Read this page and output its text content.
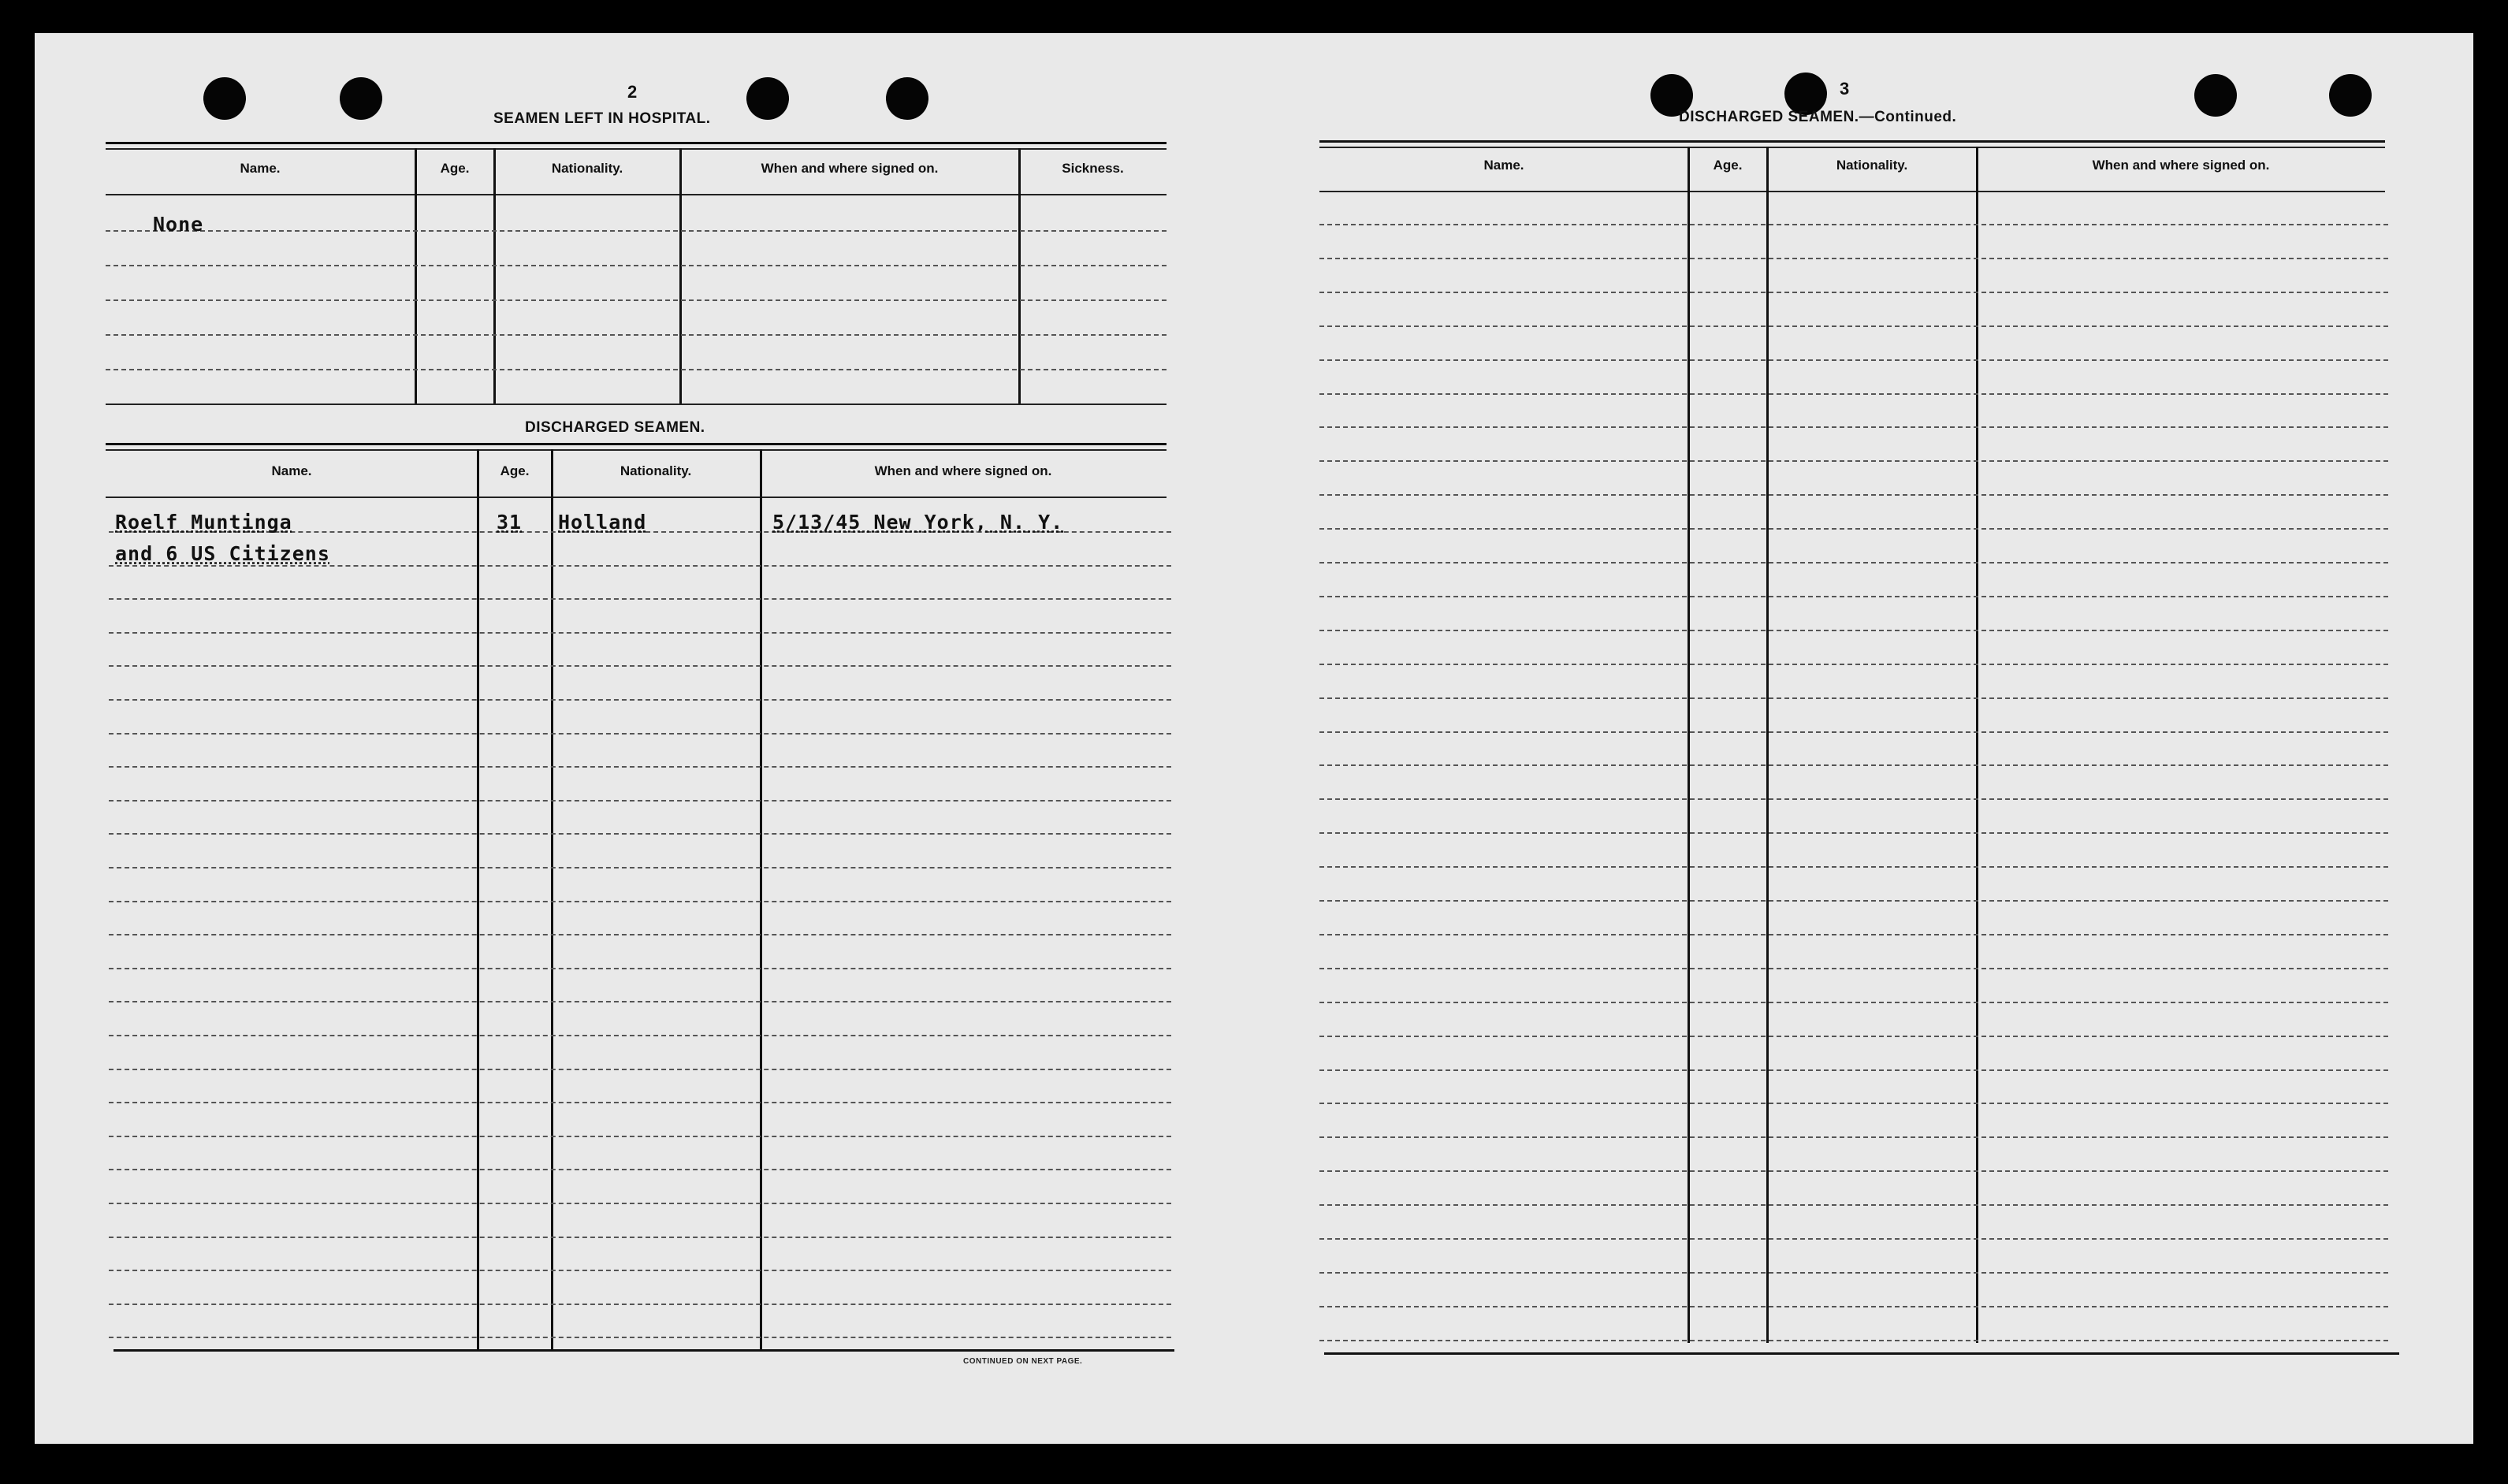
2
SEAMEN LEFT IN HOSPITAL.
Name.	Age.	Nationality.	When and where signed on.	Sickness.
None
DISCHARGED SEAMEN.
Name.	Age.	Nationality.	When and where signed on.
Roelf Muntinga	31 Holland	5/13/45 New York, N. Y.
and 6 US Citizens
CONTINUED ON NEXT PAGE.
3
DISCHARGED SEAMEN.—Continued.
Name.	Age.	Nationality.	When and where signed on.
